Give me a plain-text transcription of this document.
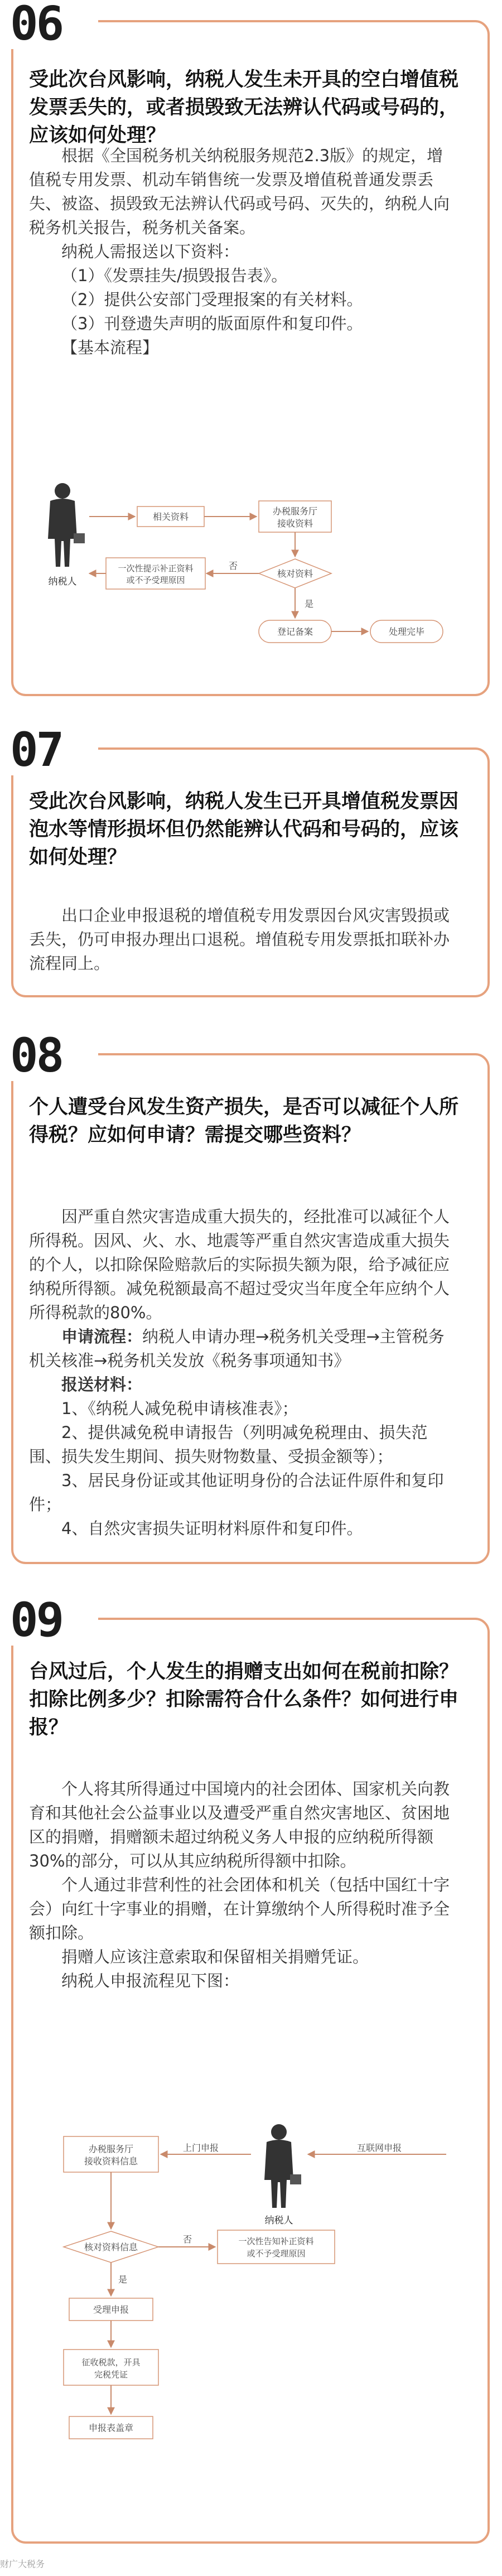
06
受此次台风影响，纳税人发生未开具的空白增值税发票丢失的，或者损毁致无法辨认代码或号码的，应该如何处理？

根据《全国税务机关纳税服务规范2.3版》的规定，增值税专用发票、机动车销售统一发票及增值税普通发票丢失、被盗、损毁致无法辨认代码或号码、灭失的，纳税人向税务机关报告，税务机关备案。

纳税人需报送以下资料：

（1）《发票挂失/损毁报告表》。

（2）提供公安部门受理报案的有关材料。

（3）刊登遗失声明的版面原件和复印件。

【基本流程】

纳税人
相关资料
办税服务厅
接收资料
核对资料
否
一次性提示补正资料
或不予受理原因
是
登记备案	处理完毕
07
受此次台风影响，纳税人发生已开具增值税发票因泡水等情形损坏但仍然能辨认代码和号码的，应该如何处理？

出口企业申报退税的增值税专用发票因台风灾害毁损或丢失，仍可申报办理出口退税。增值税专用发票抵扣联补办流程同上。

08
个人遭受台风发生资产损失，是否可以减征个人所得税？应如何申请？需提交哪些资料？

因严重自然灾害造成重大损失的，经批准可以减征个人所得税。因风、火、水、地震等严重自然灾害造成重大损失的个人，以扣除保险赔款后的实际损失额为限，给予减征应纳税所得额。减免税额最高不超过受灾当年度全年应纳个人所得税款的80%。

申请流程：纳税人申请办理→税务机关受理→主管税务机关核准→税务机关发放《税务事项通知书》

报送材料：

1、《纳税人减免税申请核准表》；

2、提供减免税申请报告（列明减免税理由、损失范围、损失发生期间、损失财物数量、受损金额等）；

3、居民身份证或其他证明身份的合法证件原件和复印件；

4、自然灾害损失证明材料原件和复印件。

09
台风过后，个人发生的捐赠支出如何在税前扣除？扣除比例多少？扣除需符合什么条件？如何进行申报？

个人将其所得通过中国境内的社会团体、国家机关向教育和其他社会公益事业以及遭受严重自然灾害地区、贫困地区的捐赠，捐赠额未超过纳税义务人申报的应纳税所得额30%的部分，可以从其应纳税所得额中扣除。

个人通过非营利性的社会团体和机关（包括中国红十字会）向红十字事业的捐赠，在计算缴纳个人所得税时准予全额扣除。

捐赠人应该注意索取和保留相关捐赠凭证。

纳税人申报流程见下图：

办税服务厅
接收资料信息
上门申报
纳税人
互联网申报
核对资料信息
否	一次性告知补正资料
或不予受理原因
是
受理申报
征收税款，开具
完税凭证
申报表盖章
财广大税务
